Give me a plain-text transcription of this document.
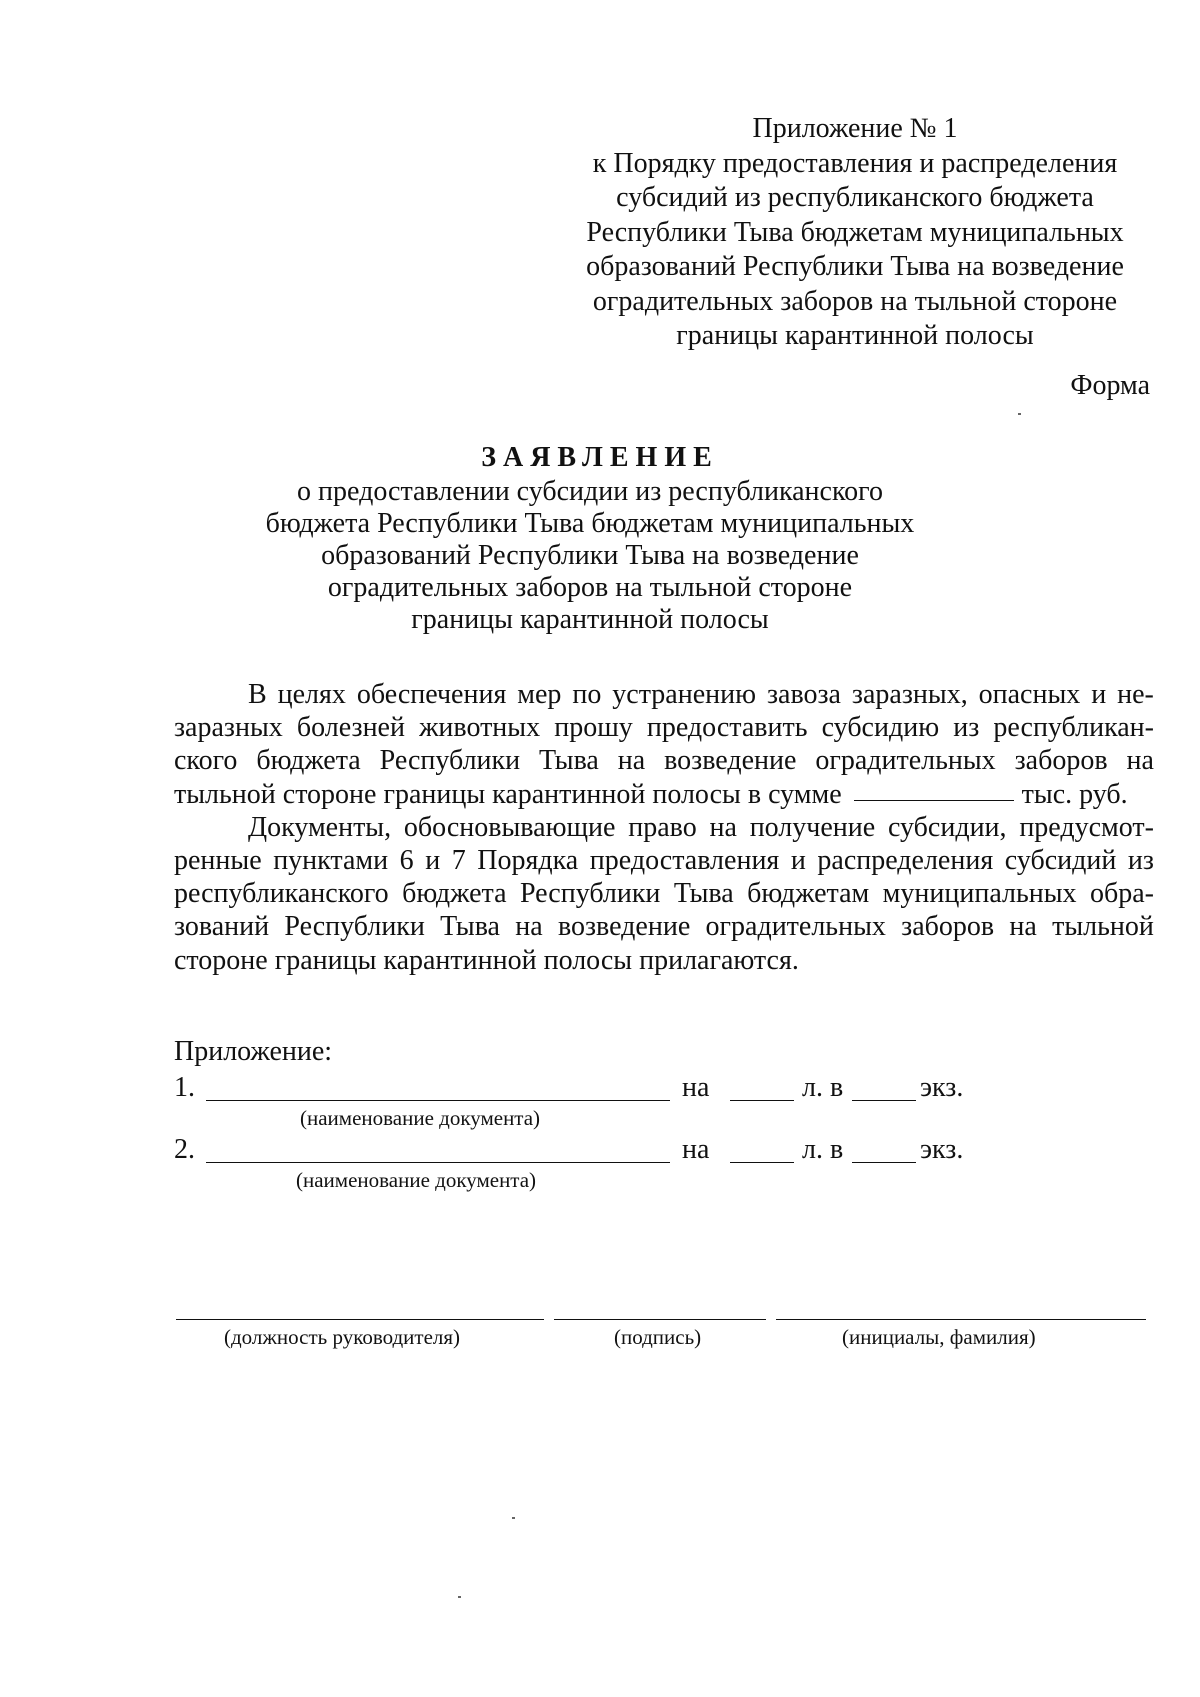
Приложение № 1
к Порядку предоставления и распределения
субсидий из республиканского бюджета
Республики Тыва бюджетам муниципальных
образований Республики Тыва на возведение
оградительных заборов на тыльной стороне
границы карантинной полосы
Форма
ЗАЯВЛЕНИЕ
о предоставлении субсидии из республиканского
бюджета Республики Тыва бюджетам муниципальных
образований Республики Тыва на возведение
оградительных заборов на тыльной стороне
границы карантинной полосы
В целях обеспечения мер по устранению завоза заразных, опасных и не-
заразных болезней животных прошу предоставить субсидию из республикан-
ского бюджета Республики Тыва на возведение оградительных заборов на
тыльной стороне границы карантинной полосы в сумме	тыс. руб.
Документы, обосновывающие право на получение субсидии, предусмот-
ренные пунктами 6 и 7 Порядка предоставления и распределения субсидий из
республиканского бюджета Республики Тыва бюджетам муниципальных обра-
зований Республики Тыва на возведение оградительных заборов на тыльной
стороне границы карантинной полосы прилагаются.
Приложение:
1.	на	л. в	экз.
(наименование документа)
2.	на	л. в	экз.
(наименование документа)
(должность руководителя)	(подпись)	(инициалы, фамилия)
